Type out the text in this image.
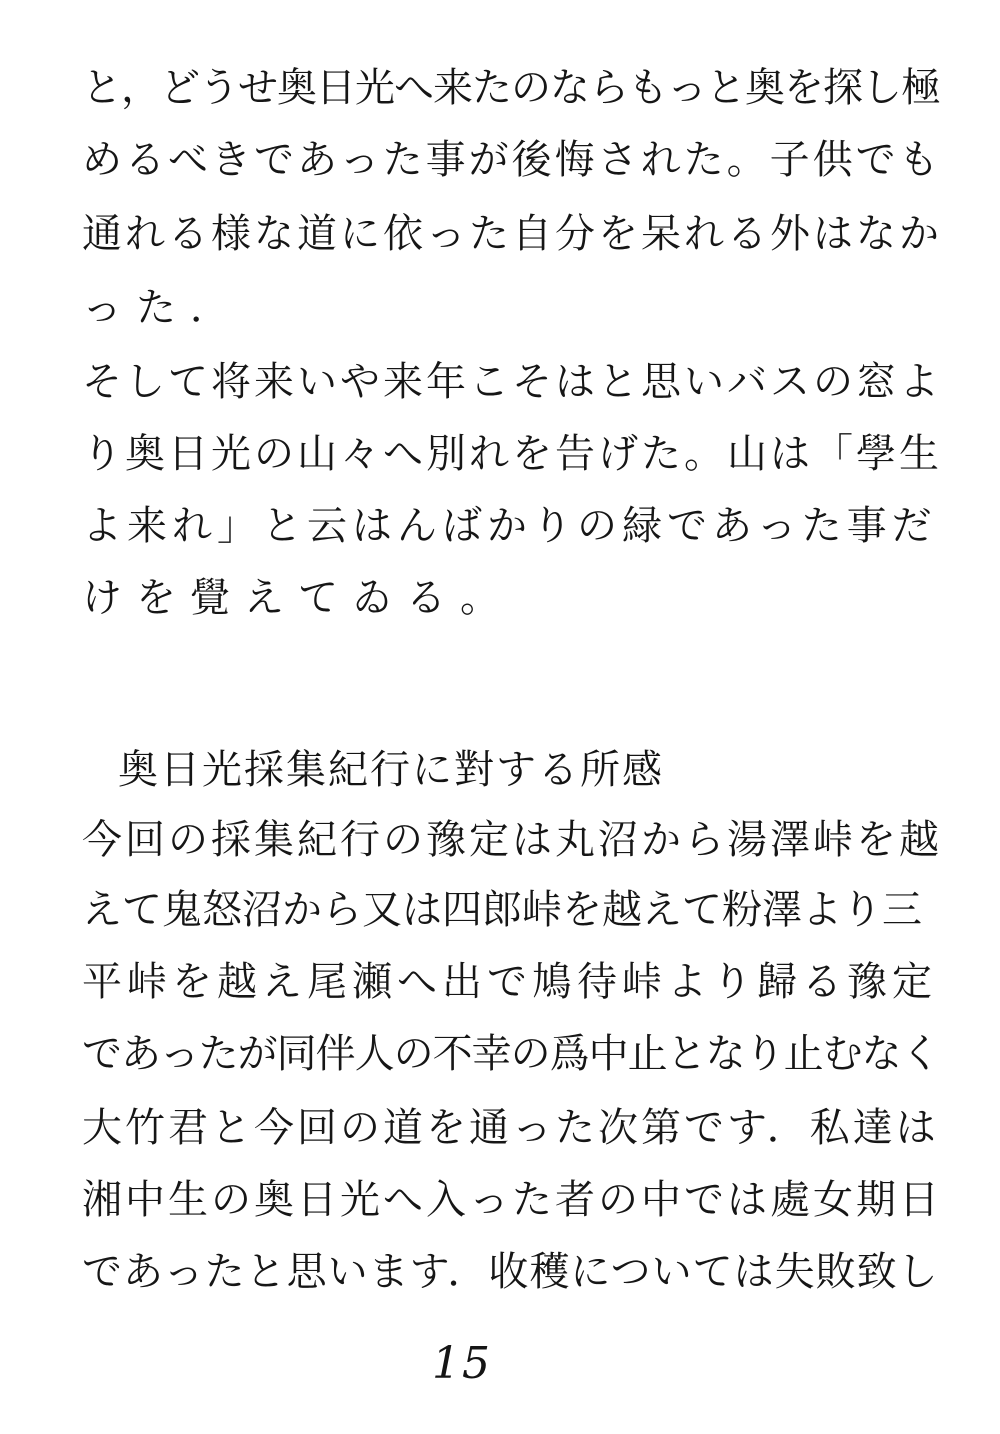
と，どうせ奥日光へ来たのならもっと奥を探し極
めるべきであった事が後悔された。子供でも
通れる様な道に依った自分を呆れる外はなか
った．
そして将来いや来年こそはと思いバスの窓よ
り奥日光の山々へ別れを告げた。山は「學生
よ来れ」と云はんばかりの緑であった事だ
けを覺えてゐる。
奥日光採集紀行に對する所感
今回の採集紀行の豫定は丸沼から湯澤峠を越
えて鬼怒沼から又は四郎峠を越えて粉澤より三
平峠を越え尾瀬へ出で鳩待峠より歸る豫定
であったが同伴人の不幸の爲中止となり止むなく
大竹君と今回の道を通った次第です．私達は
湘中生の奥日光へ入った者の中では處女期日
であったと思います．收穫については失敗致し
15
